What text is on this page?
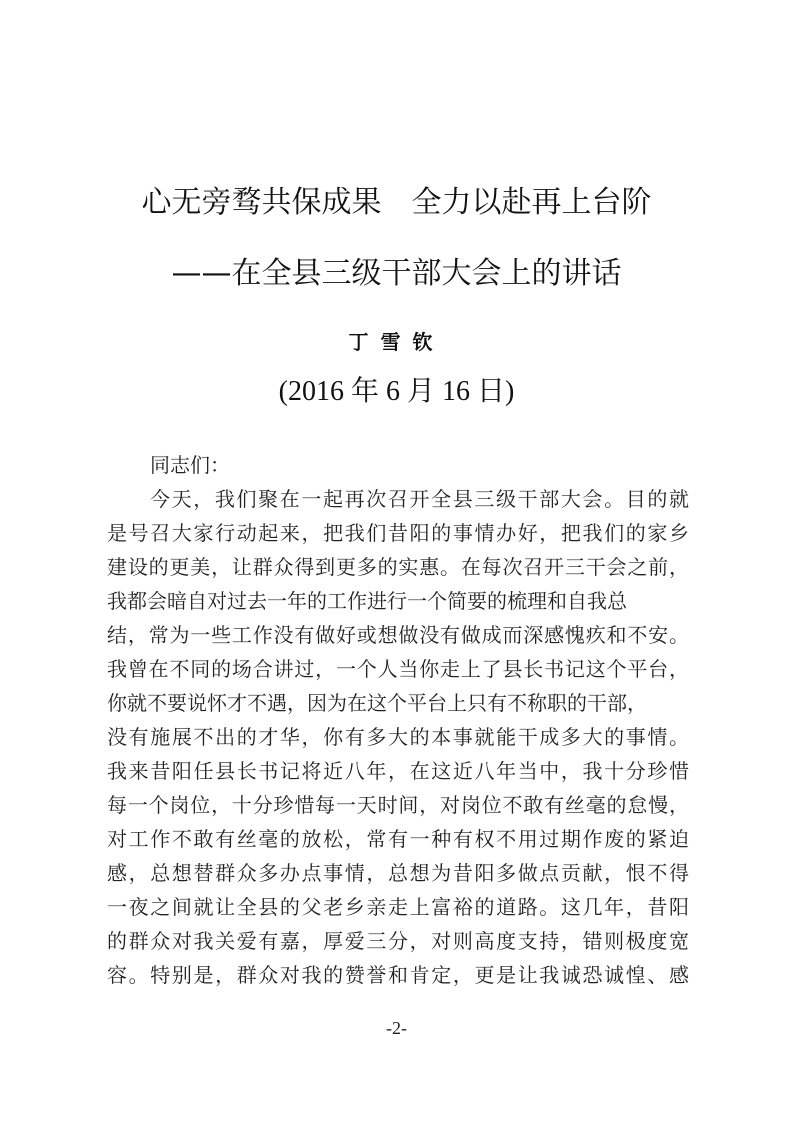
心无旁骛共保成果　全力以赴再上台阶
——在全县三级干部大会上的讲话
丁雪钦
(2016 年 6 月 16 日)
同志们：
今天，我们聚在一起再次召开全县三级干部大会。目的就
是号召大家行动起来，把我们昔阳的事情办好，把我们的家乡
建设的更美，让群众得到更多的实惠。在每次召开三干会之前，
我都会暗自对过去一年的工作进行一个简要的梳理和自我总
结，常为一些工作没有做好或想做没有做成而深感愧疚和不安。
我曾在不同的场合讲过，一个人当你走上了县长书记这个平台，
你就不要说怀才不遇，因为在这个平台上只有不称职的干部，
没有施展不出的才华，你有多大的本事就能干成多大的事情。
我来昔阳任县长书记将近八年，在这近八年当中，我十分珍惜
每一个岗位，十分珍惜每一天时间，对岗位不敢有丝毫的怠慢，
对工作不敢有丝毫的放松，常有一种有权不用过期作废的紧迫
感，总想替群众多办点事情，总想为昔阳多做点贡献，恨不得
一夜之间就让全县的父老乡亲走上富裕的道路。这几年，昔阳
的群众对我关爱有嘉，厚爱三分，对则高度支持，错则极度宽
容。特别是，群众对我的赞誉和肯定，更是让我诚恐诚惶、感
-2-
